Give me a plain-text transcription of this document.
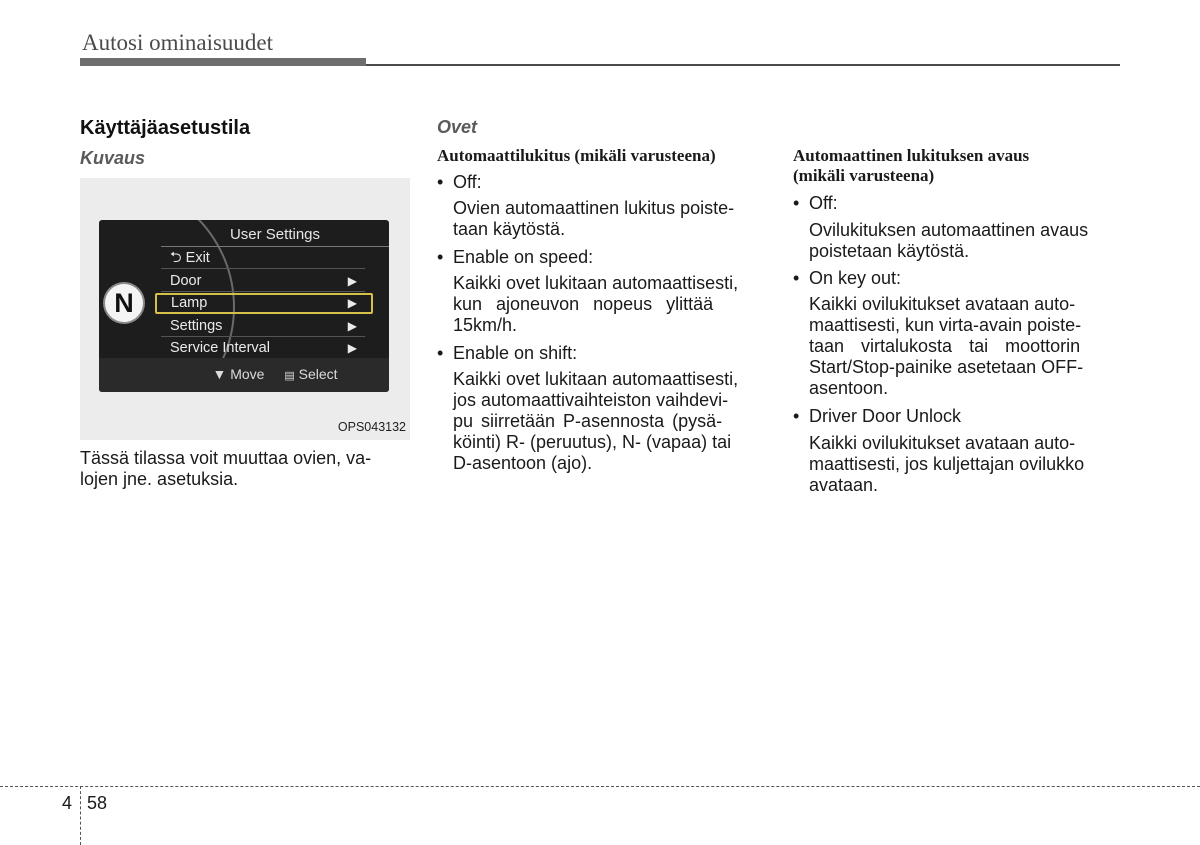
Autosi ominaisuudet
Käyttäjäasetustila
Kuvaus
N
User Settings
⮌ Exit
Door	▶
Lamp	▶
Settings	▶
Service Interval	▶
▼ Move ▤ Select
OPS043132
Tässä tilassa voit muuttaa ovien, va-
lojen jne. asetuksia.
Ovet
Automaattilukitus (mikäli varusteena)
• Off:
Ovien automaattinen lukitus poiste-
taan käytöstä.
• Enable on speed:
Kaikki ovet lukitaan automaattisesti,
kun ajoneuvon nopeus ylittää
15km/h.
• Enable on shift:
Kaikki ovet lukitaan automaattisesti,
jos automaattivaihteiston vaihdevi-
pu siirretään P-asennosta (pysä-
köinti) R- (peruutus), N- (vapaa) tai
D-asentoon (ajo).
Automaattinen lukituksen avaus
(mikäli varusteena)
• Off:
Ovilukituksen automaattinen avaus
poistetaan käytöstä.
• On key out:
Kaikki ovilukitukset avataan auto-
maattisesti, kun virta-avain poiste-
taan virtalukosta tai moottorin
Start/Stop-painike asetetaan OFF-
asentoon.
• Driver Door Unlock
Kaikki ovilukitukset avataan auto-
maattisesti, jos kuljettajan ovilukko
avataan.
4 58
